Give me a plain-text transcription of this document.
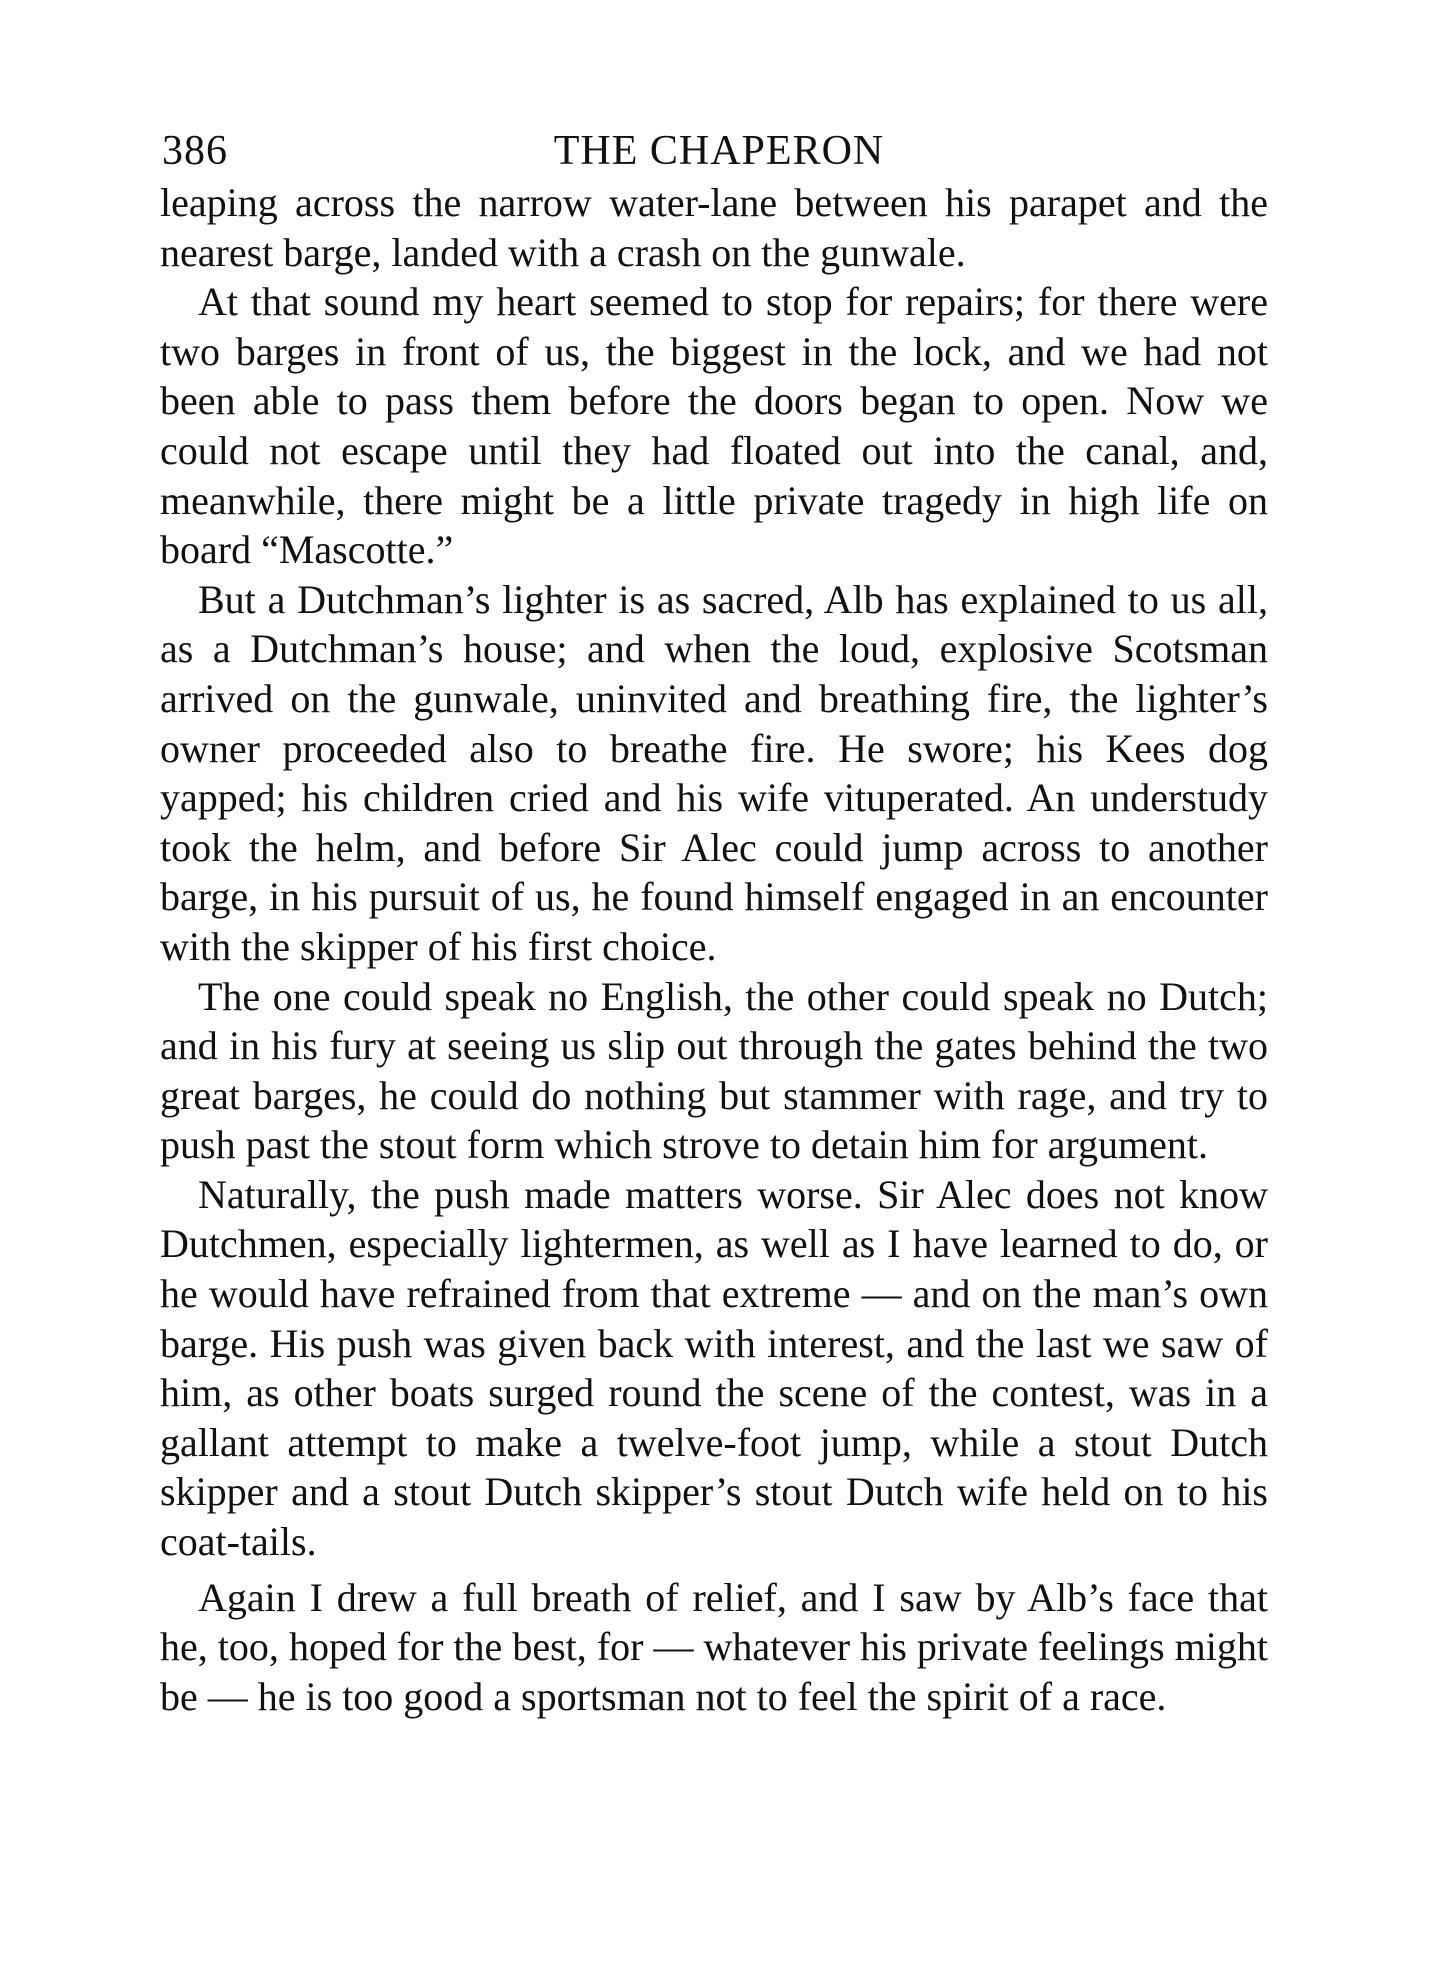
386	THE CHAPERON

leaping across the narrow water-lane between his parapet and the nearest barge, landed with a crash on the gunwale.

At that sound my heart seemed to stop for repairs; for there were two barges in front of us, the biggest in the lock, and we had not been able to pass them before the doors began to open. Now we could not escape until they had floated out into the canal, and, meanwhile, there might be a little private tragedy in high life on board “Mascotte.”

But a Dutchman’s lighter is as sacred, Alb has explained to us all, as a Dutchman’s house; and when the loud, explosive Scotsman arrived on the gunwale, uninvited and breathing fire, the lighter’s owner proceeded also to breathe fire. He swore; his Kees dog yapped; his children cried and his wife vituperated. An understudy took the helm, and before Sir Alec could jump across to another barge, in his pursuit of us, he found himself engaged in an encounter with the skipper of his first choice.

The one could speak no English, the other could speak no Dutch; and in his fury at seeing us slip out through the gates behind the two great barges, he could do nothing but stammer with rage, and try to push past the stout form which strove to detain him for argument.

Naturally, the push made matters worse. Sir Alec does not know Dutchmen, especially lightermen, as well as I have learned to do, or he would have refrained from that extreme — and on the man’s own barge. His push was given back with interest, and the last we saw of him, as other boats surged round the scene of the contest, was in a gallant attempt to make a twelve-foot jump, while a stout Dutch skipper and a stout Dutch skipper’s stout Dutch wife held on to his coat-tails.

Again I drew a full breath of relief, and I saw by Alb’s face that he, too, hoped for the best, for — whatever his private feelings might be — he is too good a sportsman not to feel the spirit of a race.
